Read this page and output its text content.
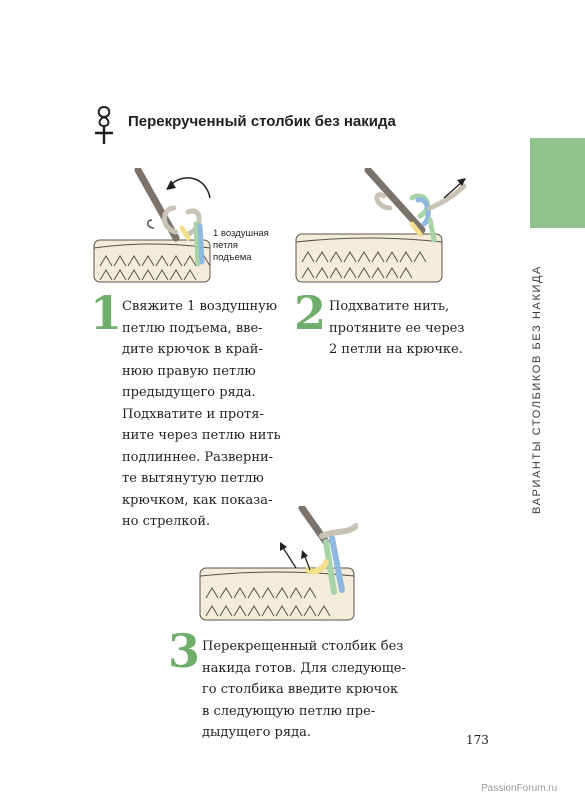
Перекрученный столбик без накида
ВАРИАНТЫ СТОЛБИКОВ БЕЗ НАКИДА

1 воздушная
петля
подъема

1 Свяжите 1 воздушную
петлю подъема, вве-
дите крючок в край-
нюю правую петлю
предыдущего ряда.
Подхватите и протя-
ните через петлю нить
подлиннее. Разверни-
те вытянутую петлю
крючком, как показа-
но стрелкой.

2 Подхватите нить,
протяните ее через
2 петли на крючке.

3 Перекрещенный столбик без
накида готов. Для следующе-
го столбика введите крючок
в следующую петлю пре-
дыдущего ряда.	173
PassionForum.ru
